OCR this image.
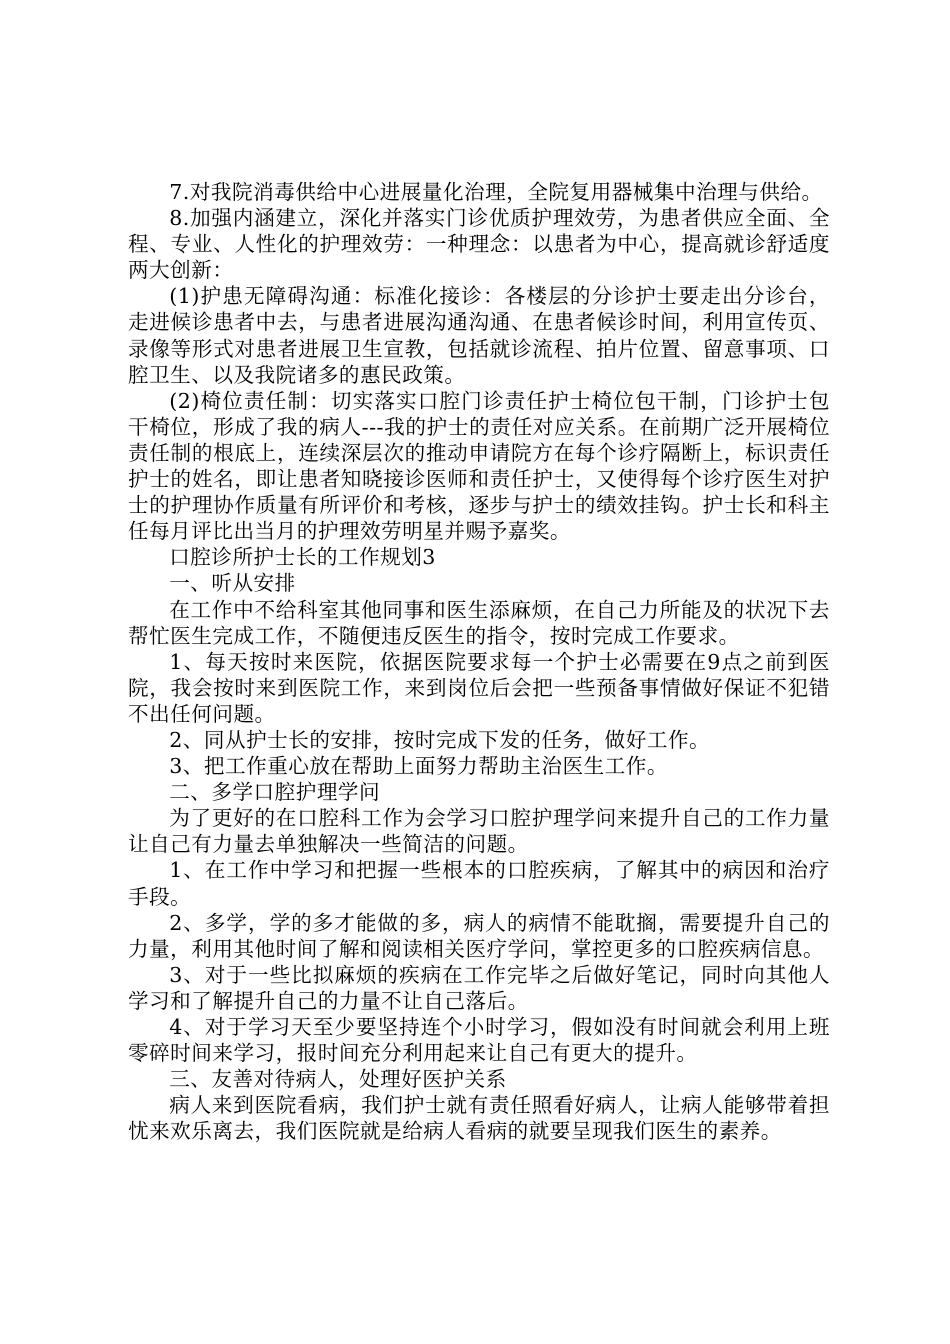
7.对我院消毒供给中心进展量化治理，全院复用器械集中治理与供给。

8.加强内涵建立，深化并落实门诊优质护理效劳，为患者供应全面、全程、专业、人性化的护理效劳：一种理念：以患者为中心，提高就诊舒适度两大创新：

(1)护患无障碍沟通：标准化接诊：各楼层的分诊护士要走出分诊台，走进候诊患者中去，与患者进展沟通沟通、在患者候诊时间，利用宣传页、录像等形式对患者进展卫生宣教，包括就诊流程、拍片位置、留意事项、口腔卫生、以及我院诸多的惠民政策。

(2)椅位责任制：切实落实口腔门诊责任护士椅位包干制，门诊护士包干椅位，形成了我的病人---我的护士的责任对应关系。在前期广泛开展椅位责任制的根底上，连续深层次的推动申请院方在每个诊疗隔断上，标识责任护士的姓名，即让患者知晓接诊医师和责任护士，又使得每个诊疗医生对护士的护理协作质量有所评价和考核，逐步与护士的绩效挂钩。护士长和科主任每月评比出当月的护理效劳明星并赐予嘉奖。

口腔诊所护士长的工作规划3

一、听从安排

在工作中不给科室其他同事和医生添麻烦，在自己力所能及的状况下去帮忙医生完成工作，不随便违反医生的指令，按时完成工作要求。

1、每天按时来医院，依据医院要求每一个护士必需要在9点之前到医院，我会按时来到医院工作，来到岗位后会把一些预备事情做好保证不犯错不出任何问题。

2、同从护士长的安排，按时完成下发的任务，做好工作。

3、把工作重心放在帮助上面努力帮助主治医生工作。

二、多学口腔护理学问

为了更好的在口腔科工作为会学习口腔护理学问来提升自己的工作力量让自己有力量去单独解决一些简洁的问题。

1、在工作中学习和把握一些根本的口腔疾病，了解其中的病因和治疗手段。

2、多学，学的多才能做的多，病人的病情不能耽搁，需要提升自己的力量，利用其他时间了解和阅读相关医疗学问，掌控更多的口腔疾病信息。

3、对于一些比拟麻烦的疾病在工作完毕之后做好笔记，同时向其他人学习和了解提升自己的力量不让自己落后。

4、对于学习天至少要坚持连个小时学习，假如没有时间就会利用上班零碎时间来学习，报时间充分利用起来让自己有更大的提升。

三、友善对待病人，处理好医护关系

病人来到医院看病，我们护士就有责任照看好病人，让病人能够带着担忧来欢乐离去，我们医院就是给病人看病的就要呈现我们医生的素养。
